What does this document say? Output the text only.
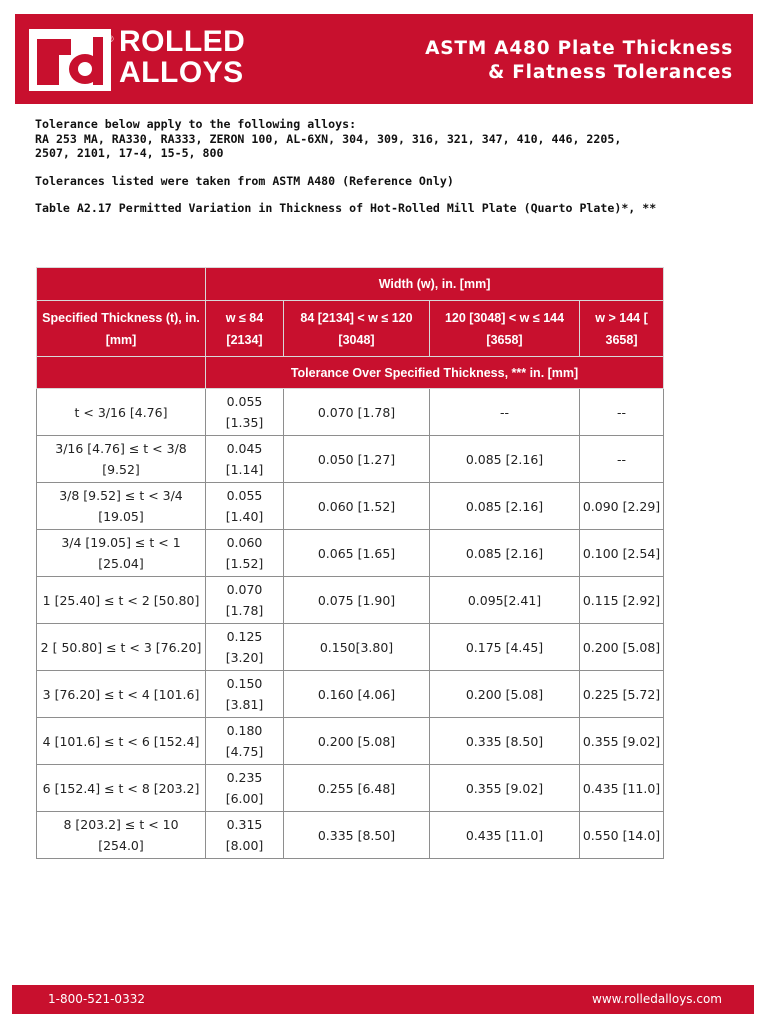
® ROLLED
ALLOYS
ASTM A480 Plate Thickness
& Flatness Tolerances

Tolerance below apply to the following alloys:

RA 253 MA, RA330, RA333, ZERON 100, AL-6XN, 304, 309, 316, 321, 347, 410, 446, 2205,

2507, 2101, 17-4, 15-5, 800

Tolerances listed were taken from ASTM A480 (Reference Only)

Table A2.17 Permitted Variation in Thickness of Hot-Rolled Mill Plate (Quarto Plate)*, **

	Width (w), in. [mm]			
Specified Thickness (t), in. [mm]	w ≤ 84 [2134]	84 [2134] < w ≤ 120 [3048]	120 [3048] < w ≤ 144 [3658]	w > 144 [ 3658]
	Tolerance Over Specified Thickness, *** in. [mm]			
t < 3/16 [4.76]	0.055 [1.35]	0.070 [1.78]	--	--
3/16 [4.76] ≤ t < 3/8 [9.52]	0.045 [1.14]	0.050 [1.27]	0.085 [2.16]	--
3/8 [9.52] ≤ t < 3/4 [19.05]	0.055 [1.40]	0.060 [1.52]	0.085 [2.16]	0.090 [2.29]
3/4 [19.05] ≤ t < 1 [25.04]	0.060 [1.52]	0.065 [1.65]	0.085 [2.16]	0.100 [2.54]
1 [25.40] ≤ t < 2 [50.80]	0.070 [1.78]	0.075 [1.90]	0.095[2.41]	0.115 [2.92]
2 [ 50.80] ≤ t < 3 [76.20]	0.125 [3.20]	0.150[3.80]	0.175 [4.45]	0.200 [5.08]
3 [76.20] ≤ t < 4 [101.6]	0.150 [3.81]	0.160 [4.06]	0.200 [5.08]	0.225 [5.72]
4 [101.6] ≤ t < 6 [152.4]	0.180 [4.75]	0.200 [5.08]	0.335 [8.50]	0.355 [9.02]
6 [152.4] ≤ t < 8 [203.2]	0.235 [6.00]	0.255 [6.48]	0.355 [9.02]	0.435 [11.0]
8 [203.2] ≤ t < 10 [254.0]	0.315 [8.00]	0.335 [8.50]	0.435 [11.0]	0.550 [14.0]
1-800-521-0332	www.rolledalloys.com
